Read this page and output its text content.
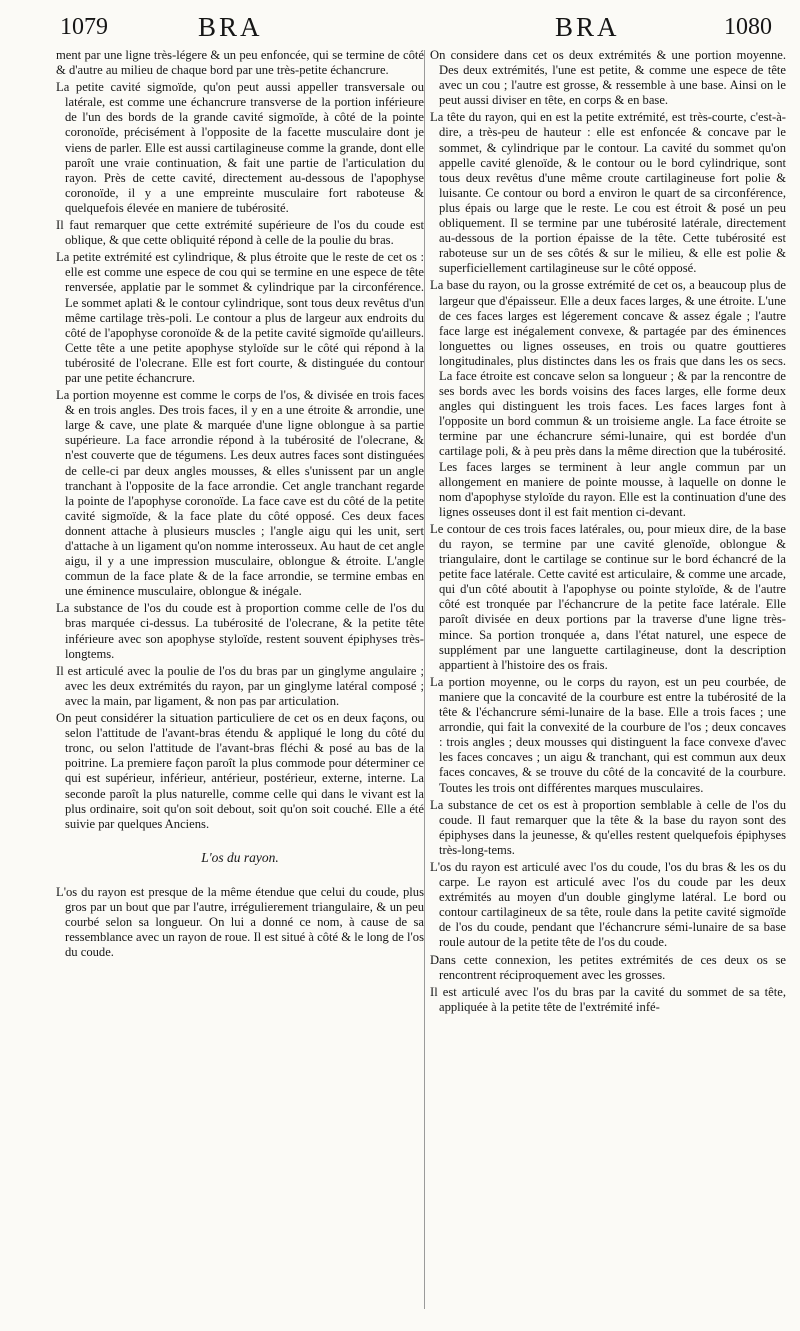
1079	BRA	BRA	1080

ment par une ligne très-légere & un peu enfoncée, qui se termine de côté & d'autre au milieu de chaque bord par une très-petite échancrure.

La petite cavité sigmoïde, qu'on peut aussi appeller transversale ou latérale, est comme une échancrure transverse de la portion inférieure de l'un des bords de la grande cavité sigmoïde, à côté de la pointe coronoïde, précisément à l'opposite de la facette musculaire dont je viens de parler. Elle est aussi cartilagineuse comme la grande, dont elle paroît une vraie continuation, & fait une partie de l'articulation du rayon. Près de cette cavité, directement au-dessous de l'apophyse coronoïde, il y a une empreinte musculaire fort raboteuse & quelquefois élevée en maniere de tubérosité.

Il faut remarquer que cette extrémité supérieure de l'os du coude est oblique, & que cette obliquité répond à celle de la poulie du bras.

La petite extrémité est cylindrique, & plus étroite que le reste de cet os : elle est comme une espece de cou qui se termine en une espece de tête renversée, applatie par le sommet & cylindrique par la circonférence. Le sommet aplati & le contour cylindrique, sont tous deux revêtus d'un même cartilage très-poli. Le contour a plus de largeur aux endroits du côté de l'apophyse coronoïde & de la petite cavité sigmoïde qu'ailleurs. Cette tête a une petite apophyse styloïde sur le côté qui répond à la tubérosité de l'olecrane. Elle est fort courte, & distinguée du contour par une petite échancrure.

La portion moyenne est comme le corps de l'os, & divisée en trois faces & en trois angles. Des trois faces, il y en a une étroite & arrondie, une large & cave, une plate & marquée d'une ligne oblongue à sa partie supérieure. La face arrondie répond à la tubérosité de l'olecrane, & n'est couverte que de tégumens. Les deux autres faces sont distinguées de celle-ci par deux angles mousses, & elles s'unissent par un angle tranchant à l'opposite de la face arrondie. Cet angle tranchant regarde la pointe de l'apophyse coronoïde. La face cave est du côté de la petite cavité sigmoïde, & la face plate du côté opposé. Ces deux faces donnent attache à plusieurs muscles ; l'angle aigu qui les unit, sert d'attache à un ligament qu'on nomme interosseux. Au haut de cet angle aigu, il y a une impression musculaire, oblongue & étroite. L'angle commun de la face plate & de la face arrondie, se termine embas en une éminence musculaire, oblongue & inégale.

La substance de l'os du coude est à proportion comme celle de l'os du bras marquée ci-dessus. La tubérosité de l'olecrane, & la petite tête inférieure avec son apophyse styloïde, restent souvent épiphyses très-longtems.

Il est articulé avec la poulie de l'os du bras par un ginglyme angulaire ; avec les deux extrémités du rayon, par un ginglyme latéral composé ; avec la main, par ligament, & non pas par articulation.

On peut considérer la situation particuliere de cet os en deux façons, ou selon l'attitude de l'avant-bras étendu & appliqué le long du côté du tronc, ou selon l'attitude de l'avant-bras fléchi & posé au bas de la poitrine. La premiere façon paroît la plus commode pour déterminer ce qui est supérieur, inférieur, antérieur, postérieur, externe, interne. La seconde paroît la plus naturelle, comme celle qui dans le vivant est la plus ordinaire, soit qu'on soit debout, soit qu'on soit couché. Elle a été suivie par quelques Anciens.

L'os du rayon.

L'os du rayon est presque de la même étendue que celui du coude, plus gros par un bout que par l'autre, irrégulierement triangulaire, & un peu courbé selon sa longueur. On lui a donné ce nom, à cause de sa ressemblance avec un rayon de roue. Il est situé à côté & le long de l'os du coude.

On considere dans cet os deux extrémités & une portion moyenne. Des deux extrémités, l'une est petite, & comme une espece de tête avec un cou ; l'autre est grosse, & ressemble à une base. Ainsi on le peut aussi diviser en tête, en corps & en base.

La tête du rayon, qui en est la petite extrémité, est très-courte, c'est-à-dire, a très-peu de hauteur : elle est enfoncée & concave par le sommet, & cylindrique par le contour. La cavité du sommet qu'on appelle cavité glenoïde, & le contour ou le bord cylindrique, sont tous deux revêtus d'une même croute cartilagineuse fort polie & luisante. Ce contour ou bord a environ le quart de sa circonférence, plus épais ou large que le reste. Le cou est étroit & posé un peu obliquement. Il se termine par une tubérosité latérale, directement au-dessous de la portion épaisse de la tête. Cette tubérosité est raboteuse sur un de ses côtés & sur le milieu, & elle est polie & superficiellement cartilagineuse sur le côté opposé.

La base du rayon, ou la grosse extrémité de cet os, a beaucoup plus de largeur que d'épaisseur. Elle a deux faces larges, & une étroite. L'une de ces faces larges est légerement concave & assez égale ; l'autre face large est inégalement convexe, & partagée par des éminences longuettes ou lignes osseuses, en trois ou quatre gouttieres longitudinales, plus distinctes dans les os frais que dans les os secs. La face étroite est concave selon sa longueur ; & par la rencontre de ses bords avec les bords voisins des faces larges, elle forme deux angles qui distinguent les trois faces. Les faces larges font à l'opposite un bord commun & un troisieme angle. La face étroite se termine par une échancrure sémi-lunaire, qui est bordée d'un cartilage poli, & à peu près dans la même direction que la tubérosité. Les faces larges se terminent à leur angle commun par un allongement en maniere de pointe mousse, à laquelle on donne le nom d'apophyse styloïde du rayon. Elle est la continuation d'une des lignes osseuses dont il est fait mention ci-devant.

Le contour de ces trois faces latérales, ou, pour mieux dire, de la base du rayon, se termine par une cavité glenoïde, oblongue & triangulaire, dont le cartilage se continue sur le bord échancré de la petite face latérale. Cette cavité est articulaire, & comme une arcade, qui d'un côté aboutit à l'apophyse ou pointe styloïde, & de l'autre côté est tronquée par l'échancrure de la petite face latérale. Elle paroît divisée en deux portions par la traverse d'une ligne très-mince. Sa portion tronquée a, dans l'état naturel, une espece de supplément par une languette cartilagineuse, dont la description appartient à l'histoire des os frais.

La portion moyenne, ou le corps du rayon, est un peu courbée, de maniere que la concavité de la courbure est entre la tubérosité de la tête & l'échancrure sémi-lunaire de la base. Elle a trois faces ; une arrondie, qui fait la convexité de la courbure de l'os ; deux concaves : trois angles ; deux mousses qui distinguent la face convexe d'avec les faces concaves ; un aigu & tranchant, qui est commun aux deux faces concaves, & se trouve du côté de la concavité de la courbure. Toutes les trois ont différentes marques musculaires.

La substance de cet os est à proportion semblable à celle de l'os du coude. Il faut remarquer que la tête & la base du rayon sont des épiphyses dans la jeunesse, & qu'elles restent quelquefois épiphyses très-long-tems.

L'os du rayon est articulé avec l'os du coude, l'os du bras & les os du carpe. Le rayon est articulé avec l'os du coude par les deux extrémités au moyen d'un double ginglyme latéral. Le bord ou contour cartilagineux de sa tête, roule dans la petite cavité sigmoïde de l'os du coude, pendant que l'échancrure sémi-lunaire de sa base roule autour de la petite tête de l'os du coude.

Dans cette connexion, les petites extrémités de ces deux os se rencontrent réciproquement avec les grosses.

Il est articulé avec l'os du bras par la cavité du sommet de sa tête, appliquée à la petite tête de l'extrémité infé-
